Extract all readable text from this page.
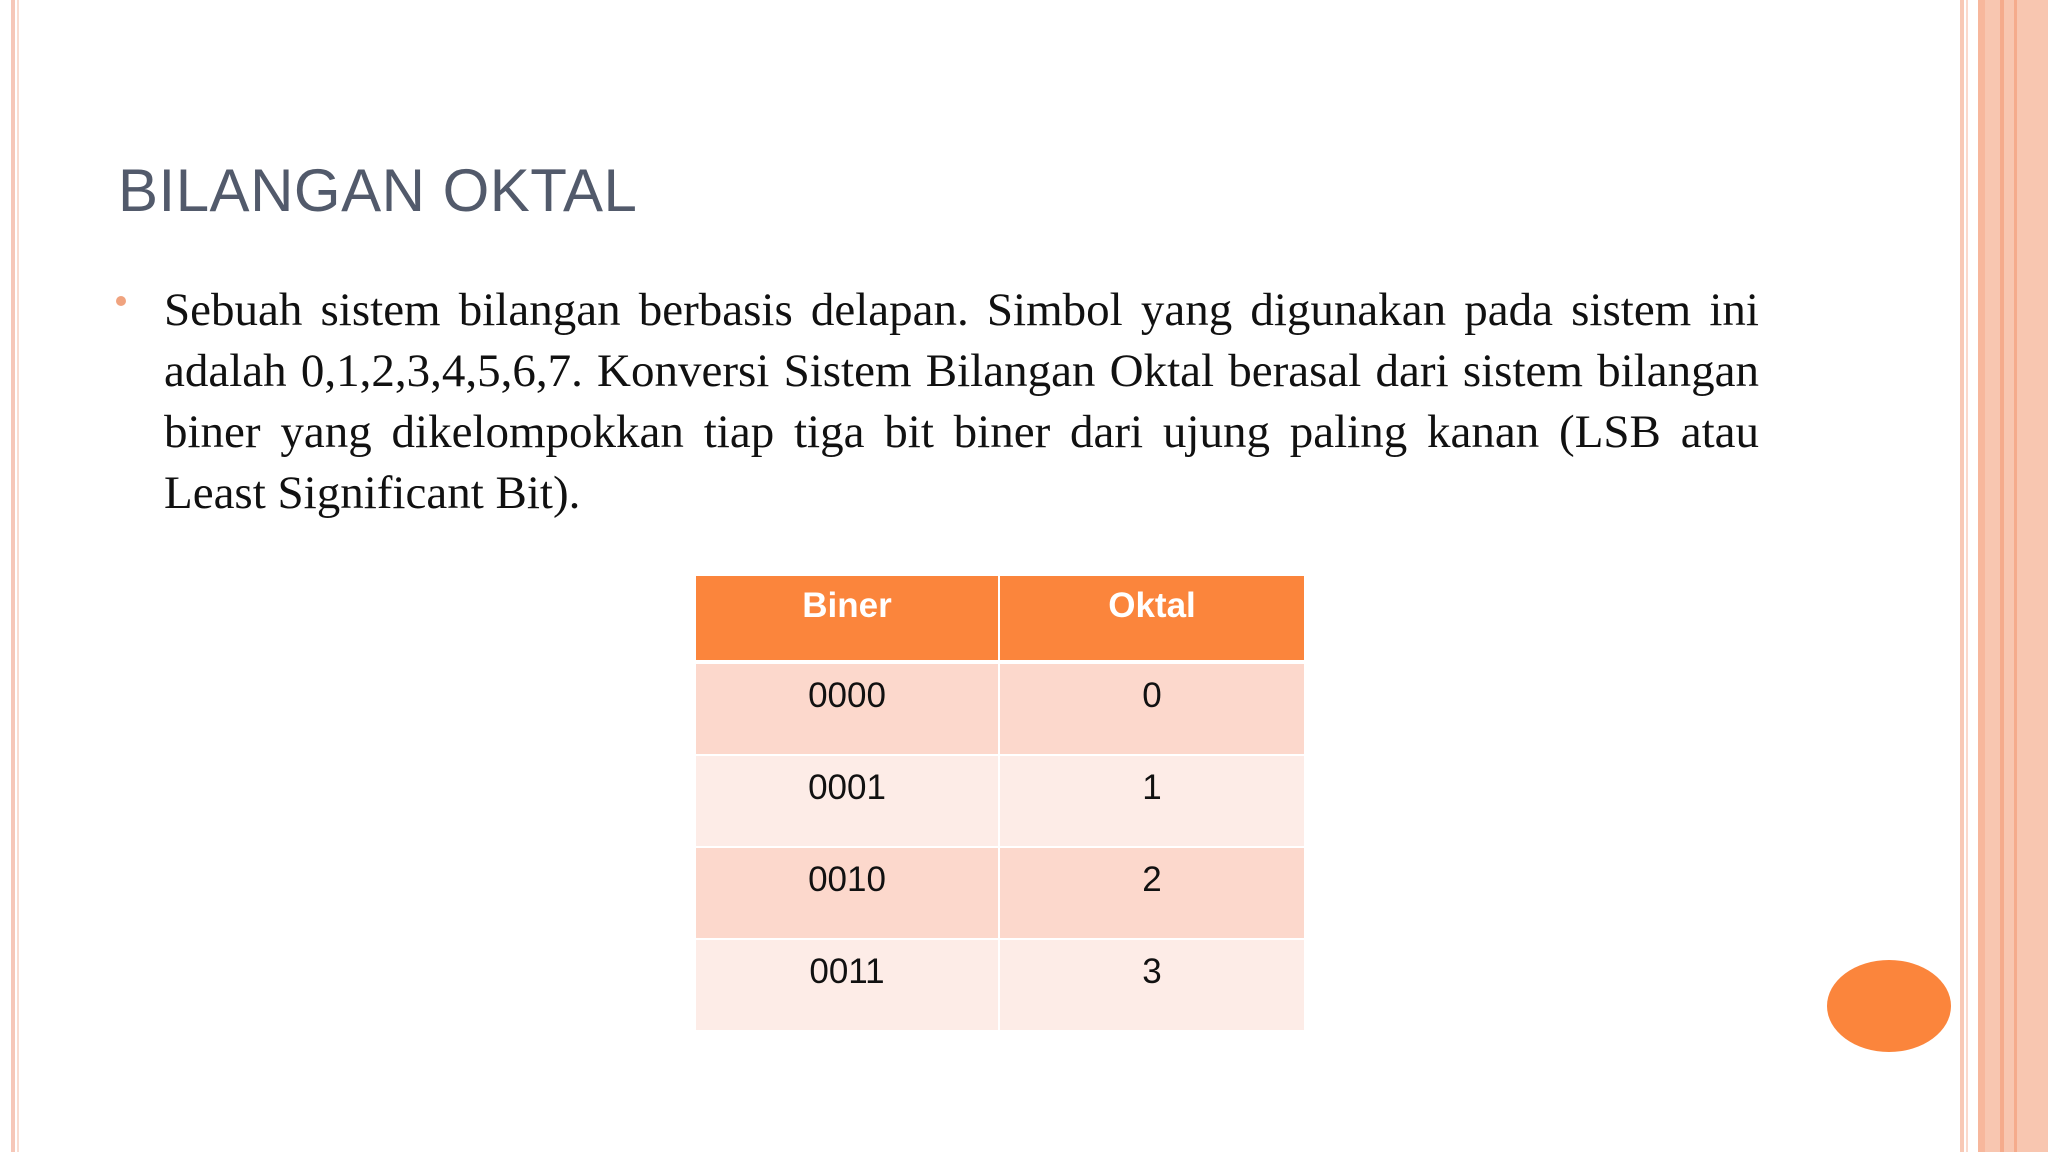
BILANGAN OKTAL
Sebuah sistem bilangan berbasis delapan. Simbol yang digunakan pada sistem ini adalah 0,1,2,3,4,5,6,7. Konversi Sistem Bilangan Oktal berasal dari sistem bilangan biner yang dikelompokkan tiap tiga bit biner dari ujung paling kanan (LSB atau Least Significant Bit).
Biner	Oktal
0000	0
0001	1
0010	2
0011	3
